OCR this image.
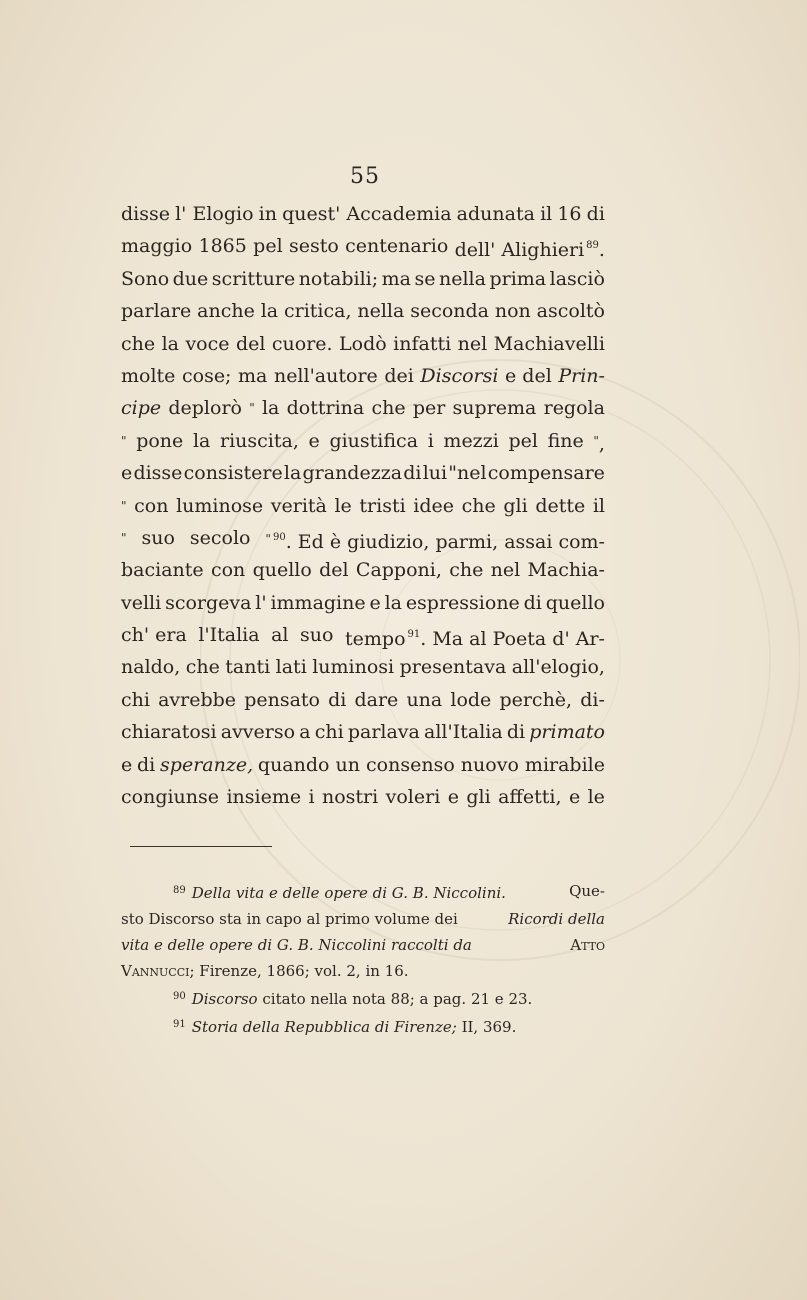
55
disse l' Elogio in quest' Accademia adunata il 16 di
maggio 1865 pel sesto centenario dell' Alighieri $^{89}$.
Sono due scritture notabili; ma se nella prima lasciò
parlare anche la critica, nella seconda non ascoltò
che la voce del cuore. Lodò infatti nel Machiavelli
molte cose; ma nell'autore dei Discorsi e del Prin-
cipe deplorò " la dottrina che per suprema regola
" pone la riuscita, e giustifica i mezzi pel fine ",
e disse consistere la grandezza di lui "nel compensare
" con luminose verità le tristi idee che gli dette il
" suo secolo " $^{90}$. Ed è giudizio, parmi, assai com-
baciante con quello del Capponi, che nel Machia-
velli scorgeva l' immagine e la espressione di quello
ch' era l'Italia al suo tempo $^{91}$. Ma al Poeta d' Ar-
naldo, che tanti lati luminosi presentava all'elogio,
chi avrebbe pensato di dare una lode perchè, di-
chiaratosi avverso a chi parlava all'Italia di primato
e di speranze, quando un consenso nuovo mirabile
congiunse insieme i nostri voleri e gli affetti, e le
$^{89}$ Della vita e delle opere di G. B. Niccolini.	Que-
sto Discorso sta in capo al primo volume dei	Ricordi della
vita e delle opere di G. B. Niccolini raccolti da	Atto
Vannucci; Firenze, 1866; vol. 2, in 16.
$^{90}$ Discorso citato nella nota 88; a pag. 21 e 23.
$^{91}$ Storia della Repubblica di Firenze; II, 369.
